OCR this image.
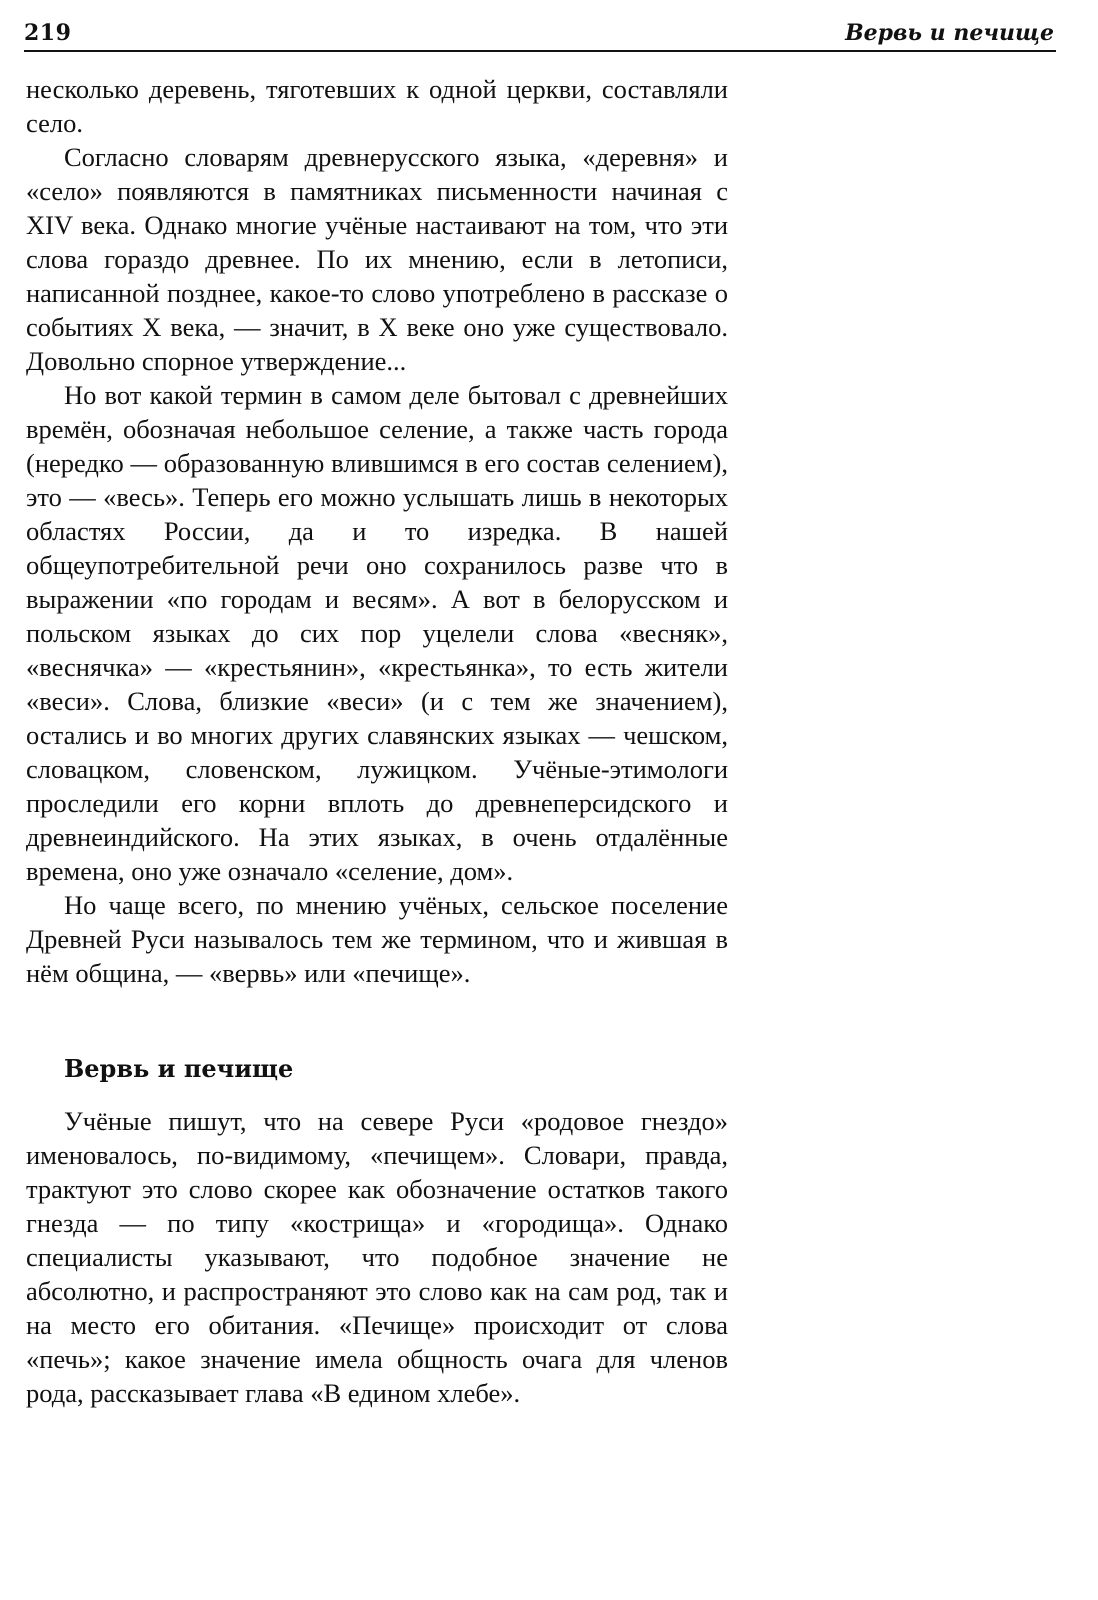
219	Вервь и печище

несколько деревень, тяготевших к одной церкви, составляли село.

Согласно словарям древнерусского языка, «деревня» и «село» появляются в памятниках письменности начиная с XIV века. Однако многие учёные настаивают на том, что эти слова гораздо древнее. По их мнению, если в летописи, написанной позднее, какое-то слово употреблено в рассказе о событиях X века, — значит, в X веке оно уже существовало. Довольно спорное утверждение...

Но вот какой термин в самом деле бытовал с древнейших времён, обозначая небольшое селение, а также часть города (нередко — образованную влившимся в его состав селением), это — «весь». Теперь его можно услышать лишь в некоторых областях России, да и то изредка. В нашей общеупотребительной речи оно сохранилось разве что в выражении «по городам и весям». А вот в белорусском и польском языках до сих пор уцелели слова «весняк», «веснячка» — «крестьянин», «крестьянка», то есть жители «веси». Слова, близкие «веси» (и с тем же значением), остались и во многих других славянских языках — чешском, словацком, словенском, лужицком. Учёные-этимологи проследили его корни вплоть до древнеперсидского и древнеиндийского. На этих языках, в очень отдалённые времена, оно уже означало «селение, дом».

Но чаще всего, по мнению учёных, сельское поселение Древней Руси называлось тем же термином, что и жившая в нём община, — «вервь» или «печище».

Вервь и печище

Учёные пишут, что на севере Руси «родовое гнездо» именовалось, по-видимому, «печищем». Словари, правда, трактуют это слово скорее как обозначение остатков такого гнезда — по типу «кострища» и «городища». Однако специалисты указывают, что подобное значение не абсолютно, и распространяют это слово как на сам род, так и на место его обитания. «Печище» происходит от слова «печь»; какое значение имела общность очага для членов рода, рассказывает глава «В едином хлебе».
